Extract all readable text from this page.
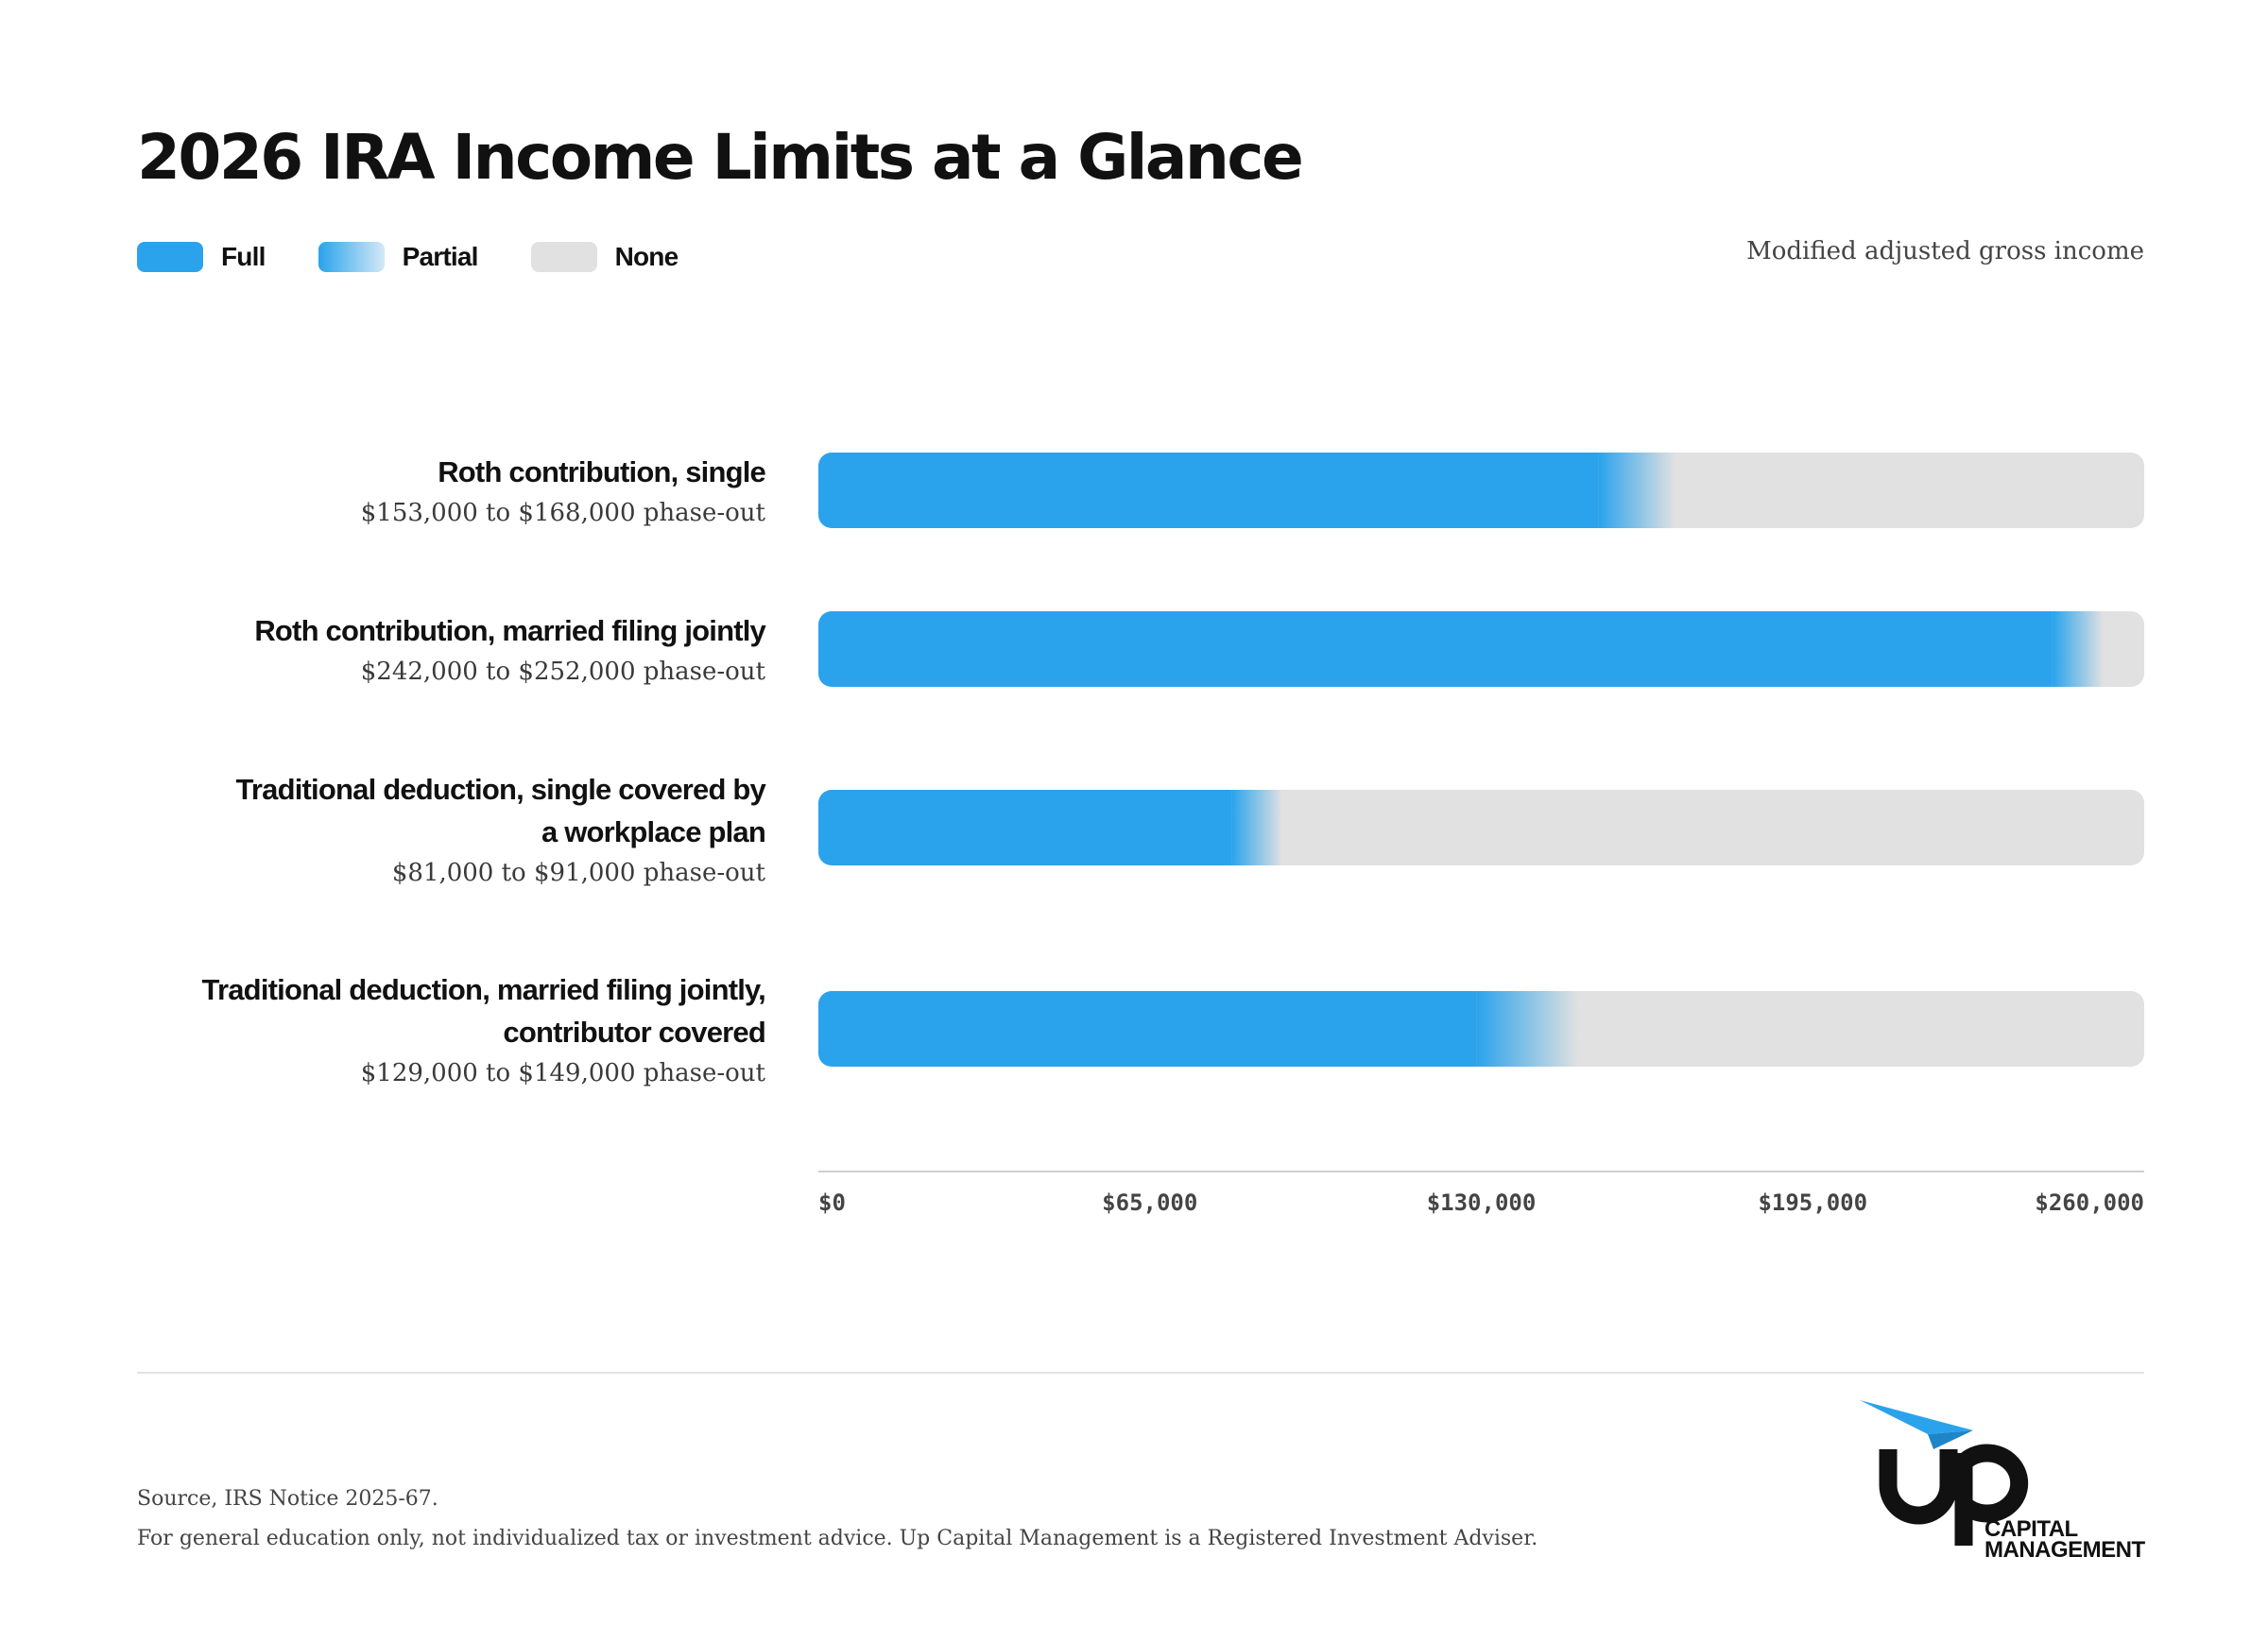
2026 IRA Income Limits at a Glance
Full	Partial	None	Modified adjusted gross income
Roth contribution, single
$153,000 to $168,000 phase-out
Roth contribution, married filing jointly
$242,000 to $252,000 phase-out
Traditional deduction, single covered by a workplace plan
$81,000 to $91,000 phase-out
Traditional deduction, married filing jointly, contributor covered
$129,000 to $149,000 phase-out
$0	$65,000	$130,000	$195,000	$260,000
Source, IRS Notice 2025-67.
For general education only, not individualized tax or investment advice. Up Capital Management is a Registered Investment Adviser.	CAPITAL
MANAGEMENT
